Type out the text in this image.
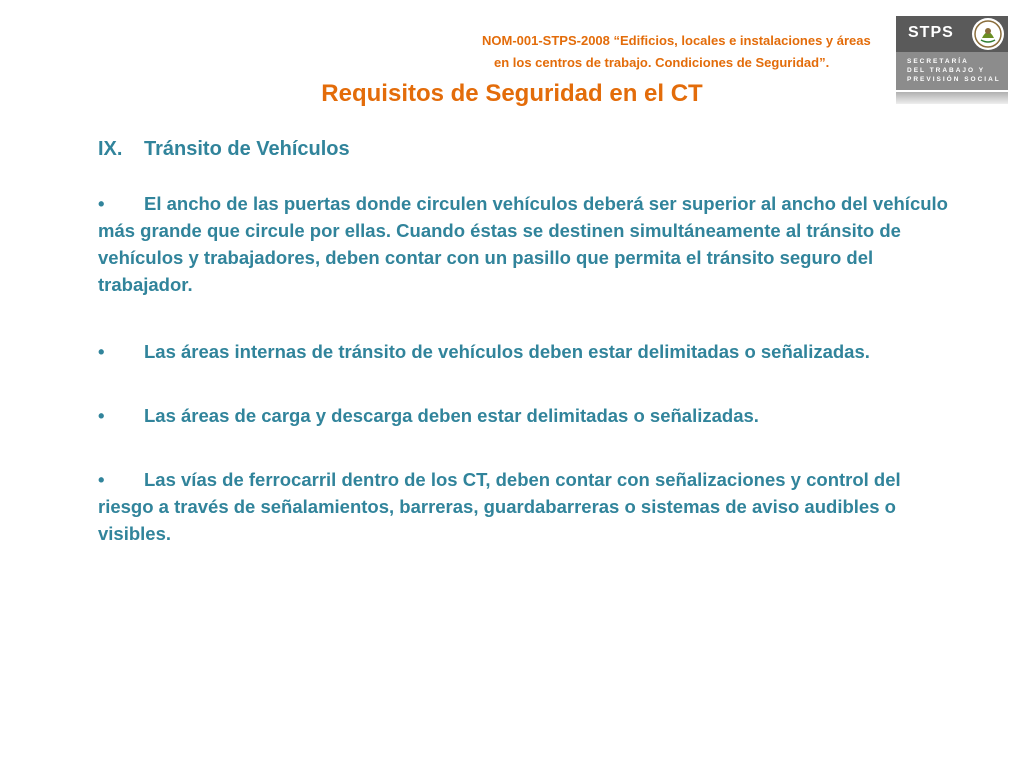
NOM-001-STPS-2008 “Edificios, locales e instalaciones y áreas
en los centros de trabajo. Condiciones de Seguridad”.
STPS
SECRETARÍA
DEL TRABAJO Y
PREVISIÓN SOCIAL
Requisitos de Seguridad en el CT
IX. Tránsito de Vehículos

• El ancho de las puertas donde circulen vehículos deberá ser superior al ancho del vehículo más grande que circule por ellas. Cuando éstas se destinen simultáneamente al tránsito de vehículos y trabajadores, deben contar con un pasillo que permita el tránsito seguro del trabajador.

• Las áreas internas de tránsito de vehículos deben estar delimitadas o señalizadas.

• Las áreas de carga y descarga deben estar delimitadas o señalizadas.

• Las vías de ferrocarril dentro de los CT, deben contar con señalizaciones y control del riesgo a través de señalamientos, barreras, guardabarreras o sistemas de aviso audibles o visibles.
